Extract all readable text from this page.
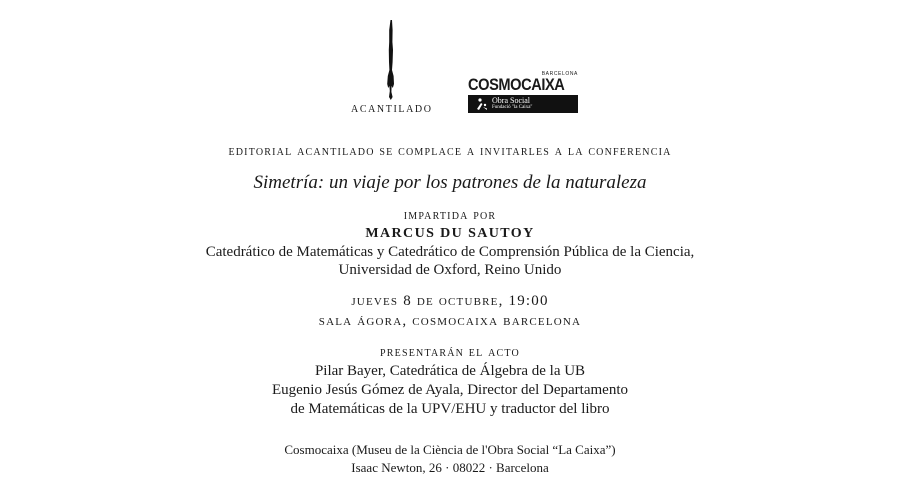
ACANTILADO
BARCELONA
COSMOCAIXA
Obra Social
Fundació "la Caixa"
editorial acantilado se complace a invitarles a la conferencia
Simetría: un viaje por los patrones de la naturaleza
impartida por
MARCUS DU SAUTOY
Catedrático de Matemáticas y Catedrático de Comprensión Pública de la Ciencia,
Universidad de Oxford, Reino Unido
jueves 8 de octubre, 19:00
sala ágora, cosmocaixa barcelona
presentarán el acto
Pilar Bayer, Catedrática de Álgebra de la UB
Eugenio Jesús Gómez de Ayala, Director del Departamento
de Matemáticas de la UPV/EHU y traductor del libro
Cosmocaixa (Museu de la Ciència de l'Obra Social “La Caixa”)
Isaac Newton, 26 · 08022 · Barcelona
